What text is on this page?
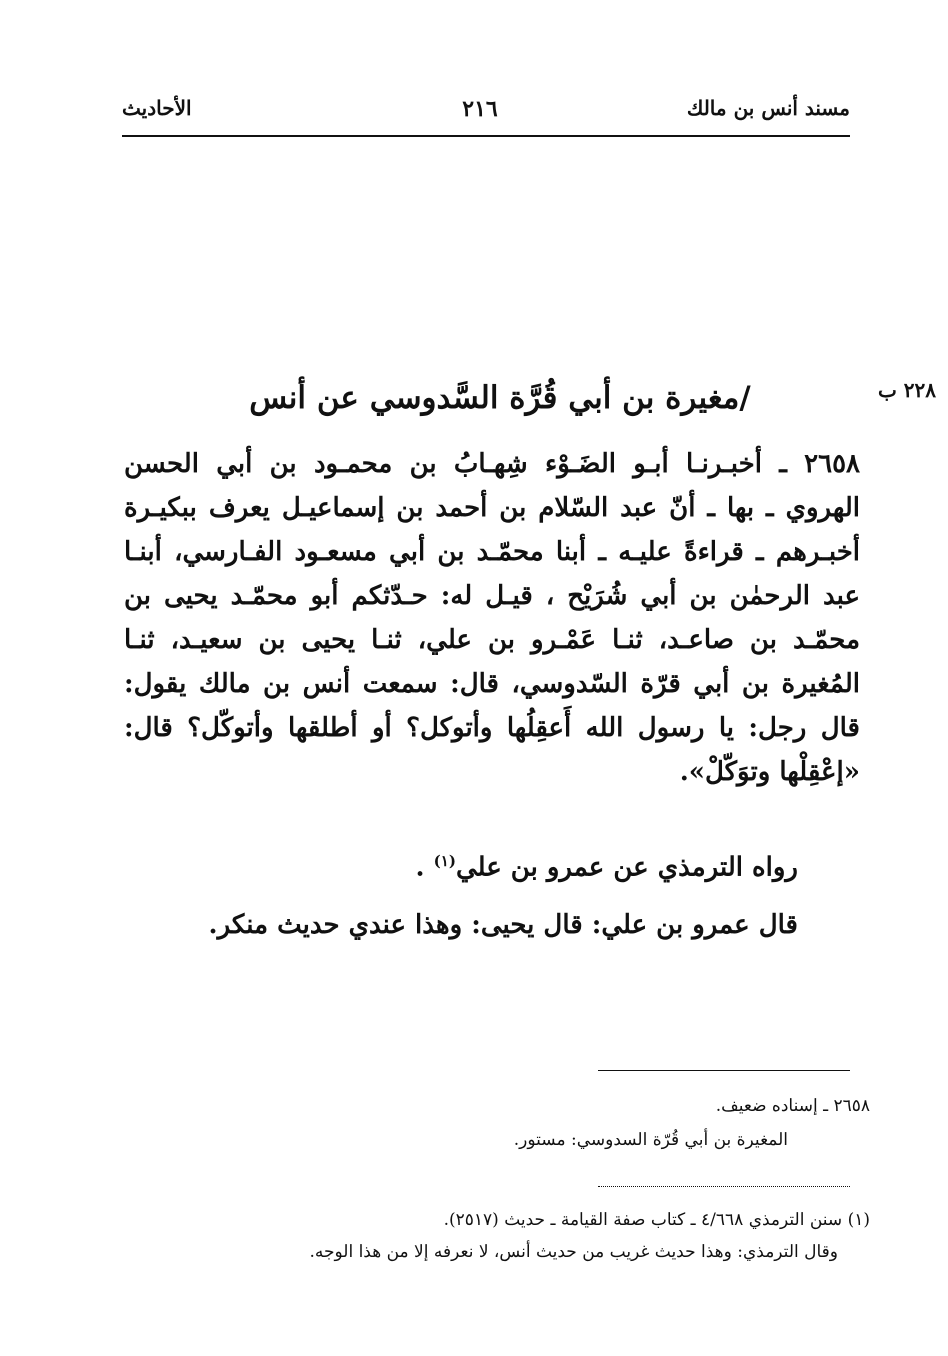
مسند أنس بن مالك
٢١٦
الأحاديث
٢٢٨ ب
/مغيرة بن أبي قُرَّة السَّدوسي عن أنس
٢٦٥٨ ـ أخبـرنـا أبـو الضَـوْء شِهـابُ بن محمـود بن أبي الحسن الهروي ـ بها ـ أنّ عبد السّلام بن أحمد بن إسماعيـل يعرف ببكيـرة أخبـرهم ـ قراءةً عليـه ـ أبنا محمّـد بن أبي مسعـود الفـارسي، أبنـا عبد الرحمٰن بن أبي شُرَيْح ، قيـل له: حـدّثكم أبو محمّـد يحيى بن محمّـد بن صاعـد، ثنـا عَمْـرو بن علي، ثنـا يحيى بن سعيـد، ثنـا المُغيرة بن أبي قرّة السّدوسي، قال: سمعت أنس بن مالك يقول: قال رجل: يا رسول الله أَعقِلُها وأتوكل؟ أو أطلقها وأتوكّل؟ قال: «إعْقِلْها وتوَكّلْ».
رواه الترمذي عن عمرو بن علي$^{(١)}$ .
قال عمرو بن علي: قال يحيى: وهذا عندي حديث منكر.
٢٦٥٨ ـ إسناده ضعيف.
المغيرة بن أبي قُرّة السدوسي: مستور.
(١) سنن الترمذي ٤/٦٦٨ ـ كتاب صفة القيامة ـ حديث (٢٥١٧).
وقال الترمذي: وهذا حديث غريب من حديث أنس، لا نعرفه إلا من هذا الوجه.
